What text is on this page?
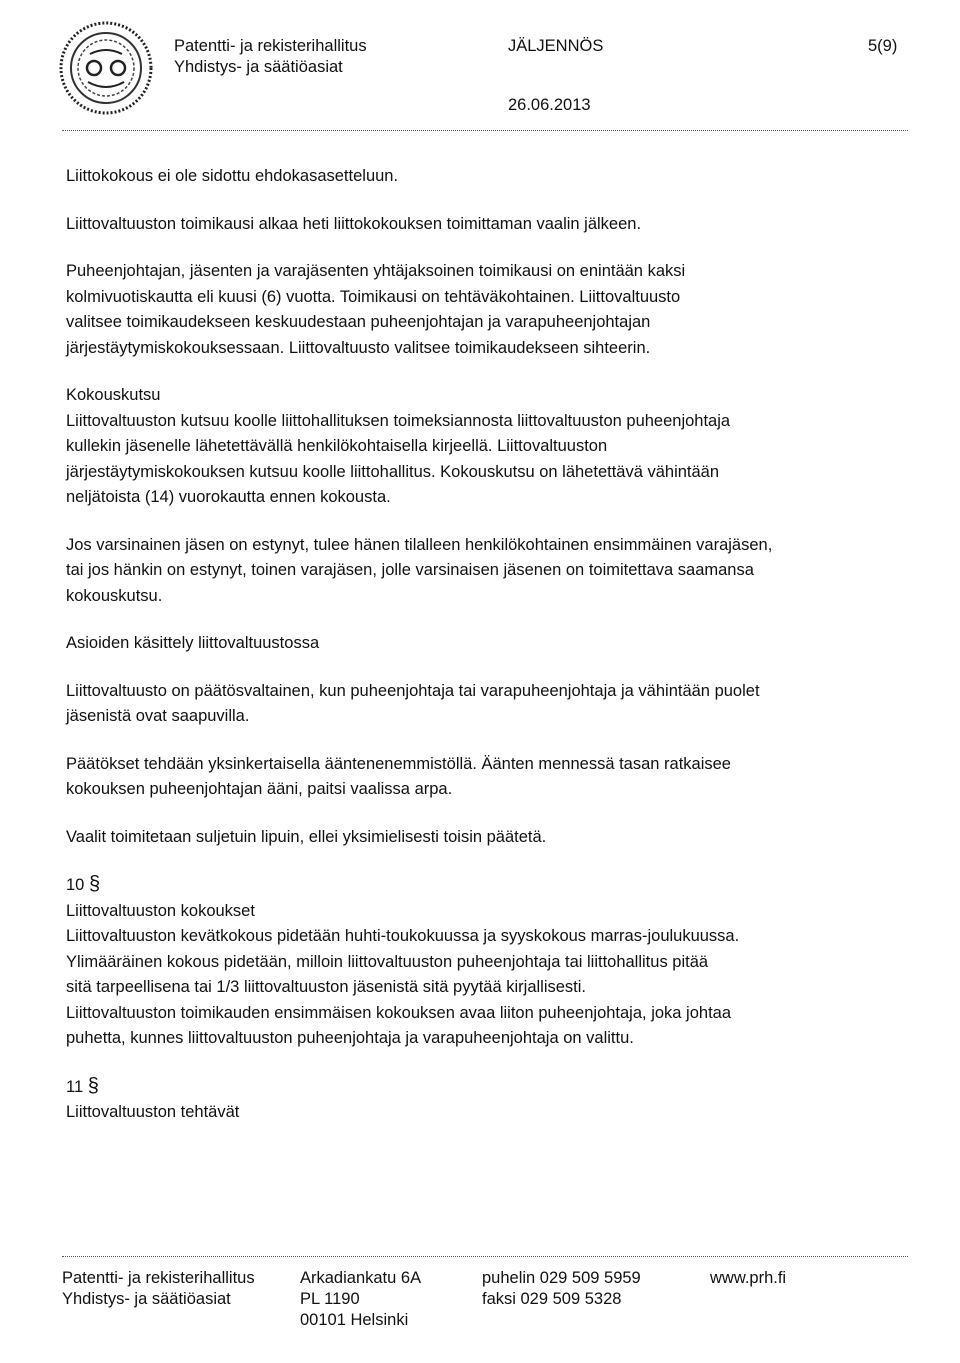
Patentti- ja rekisterihallitus
Yhdistys- ja säätiöasiat
JÄLJENNÖS	5(9)
26.06.2013

Liittokokous ei ole sidottu ehdokasasetteluun.

Liittovaltuuston toimikausi alkaa heti liittokokouksen toimittaman vaalin jälkeen.

Puheenjohtajan, jäsenten ja varajäsenten yhtäjaksoinen toimikausi on enintään kaksi
kolmivuotiskautta eli kuusi (6) vuotta. Toimikausi on tehtäväkohtainen. Liittovaltuusto
valitsee toimikaudekseen keskuudestaan puheenjohtajan ja varapuheenjohtajan
järjestäytymiskokouksessaan. Liittovaltuusto valitsee toimikaudekseen sihteerin.

Kokouskutsu
Liittovaltuuston kutsuu koolle liittohallituksen toimeksiannosta liittovaltuuston puheenjohtaja
kullekin jäsenelle lähetettävällä henkilökohtaisella kirjeellä. Liittovaltuuston
järjestäytymiskokouksen kutsuu koolle liittohallitus. Kokouskutsu on lähetettävä vähintään
neljätoista (14) vuorokautta ennen kokousta.

Jos varsinainen jäsen on estynyt, tulee hänen tilalleen henkilökohtainen ensimmäinen varajäsen,
tai jos hänkin on estynyt, toinen varajäsen, jolle varsinaisen jäsenen on toimitettava saamansa
kokouskutsu.

Asioiden käsittely liittovaltuustossa

Liittovaltuusto on päätösvaltainen, kun puheenjohtaja tai varapuheenjohtaja ja vähintään puolet
jäsenistä ovat saapuvilla.

Päätökset tehdään yksinkertaisella ääntenenemmistöllä. Äänten mennessä tasan ratkaisee
kokouksen puheenjohtajan ääni, paitsi vaalissa arpa.

Vaalit toimitetaan suljetuin lipuin, ellei yksimielisesti toisin päätetä.

10 §
Liittovaltuuston kokoukset
Liittovaltuuston kevätkokous pidetään huhti-toukokuussa ja syyskokous marras-joulukuussa.
Ylimääräinen kokous pidetään, milloin liittovaltuuston puheenjohtaja tai liittohallitus pitää
sitä tarpeellisena tai 1/3 liittovaltuuston jäsenistä sitä pyytää kirjallisesti.
Liittovaltuuston toimikauden ensimmäisen kokouksen avaa liiton puheenjohtaja, joka johtaa
puhetta, kunnes liittovaltuuston puheenjohtaja ja varapuheenjohtaja on valittu.

11 §
Liittovaltuuston tehtävät

Patentti- ja rekisterihallitus
Yhdistys- ja säätiöasiat
Arkadiankatu 6A
PL 1190
00101 Helsinki
puhelin 029 509 5959
faksi 029 509 5328
www.prh.fi
